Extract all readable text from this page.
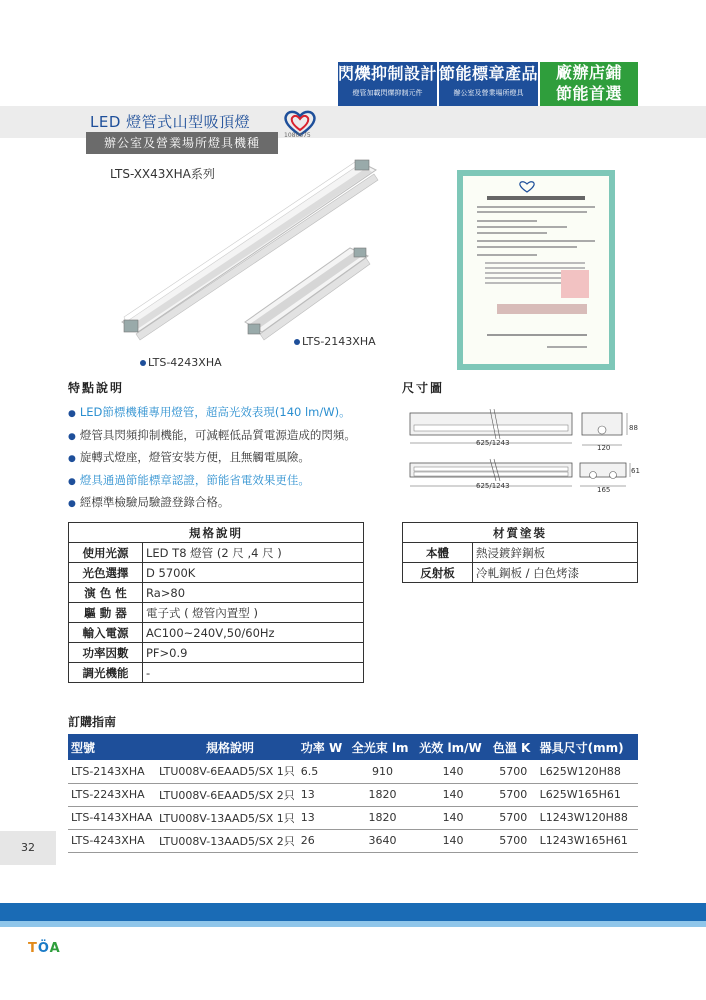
閃爍抑制設計
燈管加載閃爍抑制元件
節能標章產品
辦公室及營業場所燈具
廠辦店鋪
節能首選
LED 燈管式山型吸頂燈
辦公室及營業場所燈具機種
1080675
LTS-XX43XHA系列
LTS-2143XHA
LTS-4243XHA
特點說明
● LED節標機種專用燈管，超高光效表現(140 lm/W)。
● 燈管具閃頻抑制機能，可減輕低品質電源造成的閃頻。
● 旋轉式燈座，燈管安裝方便，且無觸電風險。
● 燈具通過節能標章認證，節能省電效果更佳。
● 經標準檢驗局驗證登錄合格。
尺寸圖
625/1243
120
88
625/1243	165
61
規格說明	
使用光源	LED T8 燈管 (2 尺 ,4 尺 )
光色選擇	D 5700K
演 色 性	Ra>80
驅 動 器	電子式 ( 燈管內置型 )
輸入電源	AC100~240V,50/60Hz
功率因數	PF>0.9
調光機能	-
材質塗裝	
本體	熱浸鍍鋅鋼板
反射板	冷軋鋼板 / 白色烤漆
訂購指南
型號	規格說明	功率 W	全光束 lm	光效 lm/W	色溫 K	器具尺寸(mm)
LTS-2143XHA	LTU008V-6EAAD5/SX 1只	6.5	910	140	5700	L625W120H88
LTS-2243XHA	LTU008V-6EAAD5/SX 2只	13	1820	140	5700	L625W165H61
LTS-4143XHAA	LTU008V-13AAD5/SX 1只	13	1820	140	5700	L1243W120H88
LTS-4243XHA	LTU008V-13AAD5/SX 2只	26	3640	140	5700	L1243W165H61
32
TÖA
